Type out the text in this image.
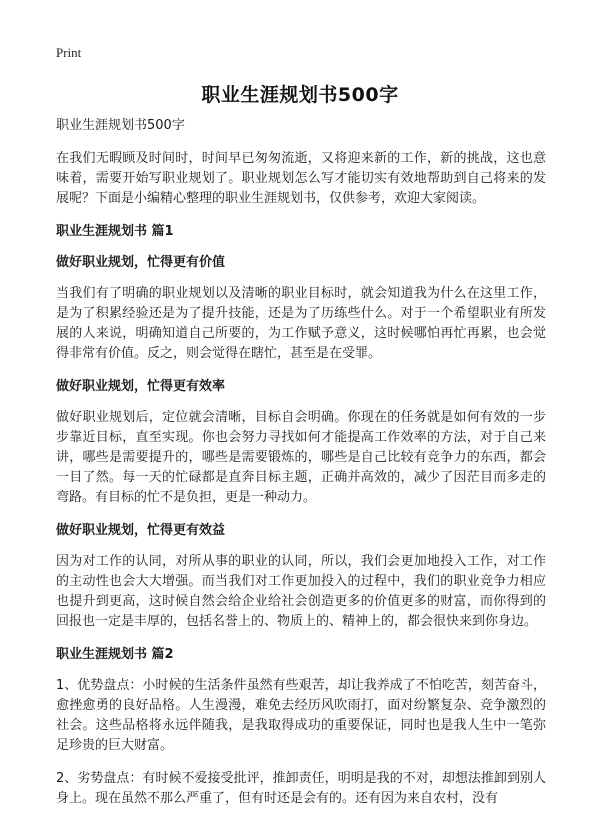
Print
职业生涯规划书500字

职业生涯规划书500字

在我们无暇顾及时间时，时间早已匆匆流逝，又将迎来新的工作，新的挑战，这也意味着，需要开始写职业规划了。职业规划怎么写才能切实有效地帮助到自己将来的发展呢？下面是小编精心整理的职业生涯规划书，仅供参考，欢迎大家阅读。

职业生涯规划书 篇1
做好职业规划，忙得更有价值

当我们有了明确的职业规划以及清晰的职业目标时，就会知道我为什么在这里工作，是为了积累经验还是为了提升技能，还是为了历练些什么。对于一个希望职业有所发展的人来说，明确知道自己所要的，为工作赋予意义，这时候哪怕再忙再累，也会觉得非常有价值。反之，则会觉得在瞎忙，甚至是在受罪。

做好职业规划，忙得更有效率

做好职业规划后，定位就会清晰，目标自会明确。你现在的任务就是如何有效的一步步靠近目标，直至实现。你也会努力寻找如何才能提高工作效率的方法，对于自己来讲，哪些是需要提升的，哪些是需要锻炼的，哪些是自己比较有竞争力的东西，都会一目了然。每一天的忙碌都是直奔目标主题，正确并高效的，减少了因茫目而多走的弯路。有目标的忙不是负担，更是一种动力。

做好职业规划，忙得更有效益

因为对工作的认同，对所从事的职业的认同，所以，我们会更加地投入工作，对工作的主动性也会大大增强。而当我们对工作更加投入的过程中，我们的职业竞争力相应也提升到更高，这时候自然会给企业给社会创造更多的价值更多的财富，而你得到的回报也一定是丰厚的，包括名誉上的、物质上的、精神上的，都会很快来到你身边。

职业生涯规划书 篇2

1、优势盘点：小时候的生活条件虽然有些艰苦，却让我养成了不怕吃苦，刻苦奋斗，愈挫愈勇的良好品格。人生漫漫，难免去经历风吹雨打，面对纷繁复杂、竞争激烈的社会。这些品格将永远伴随我，是我取得成功的重要保证，同时也是我人生中一笔弥足珍贵的巨大财富。

2、劣势盘点：有时候不爱接受批评，推卸责任，明明是我的不对，却想法推卸到别人身上。现在虽然不那么严重了，但有时还是会有的。还有因为来自农村，没有
